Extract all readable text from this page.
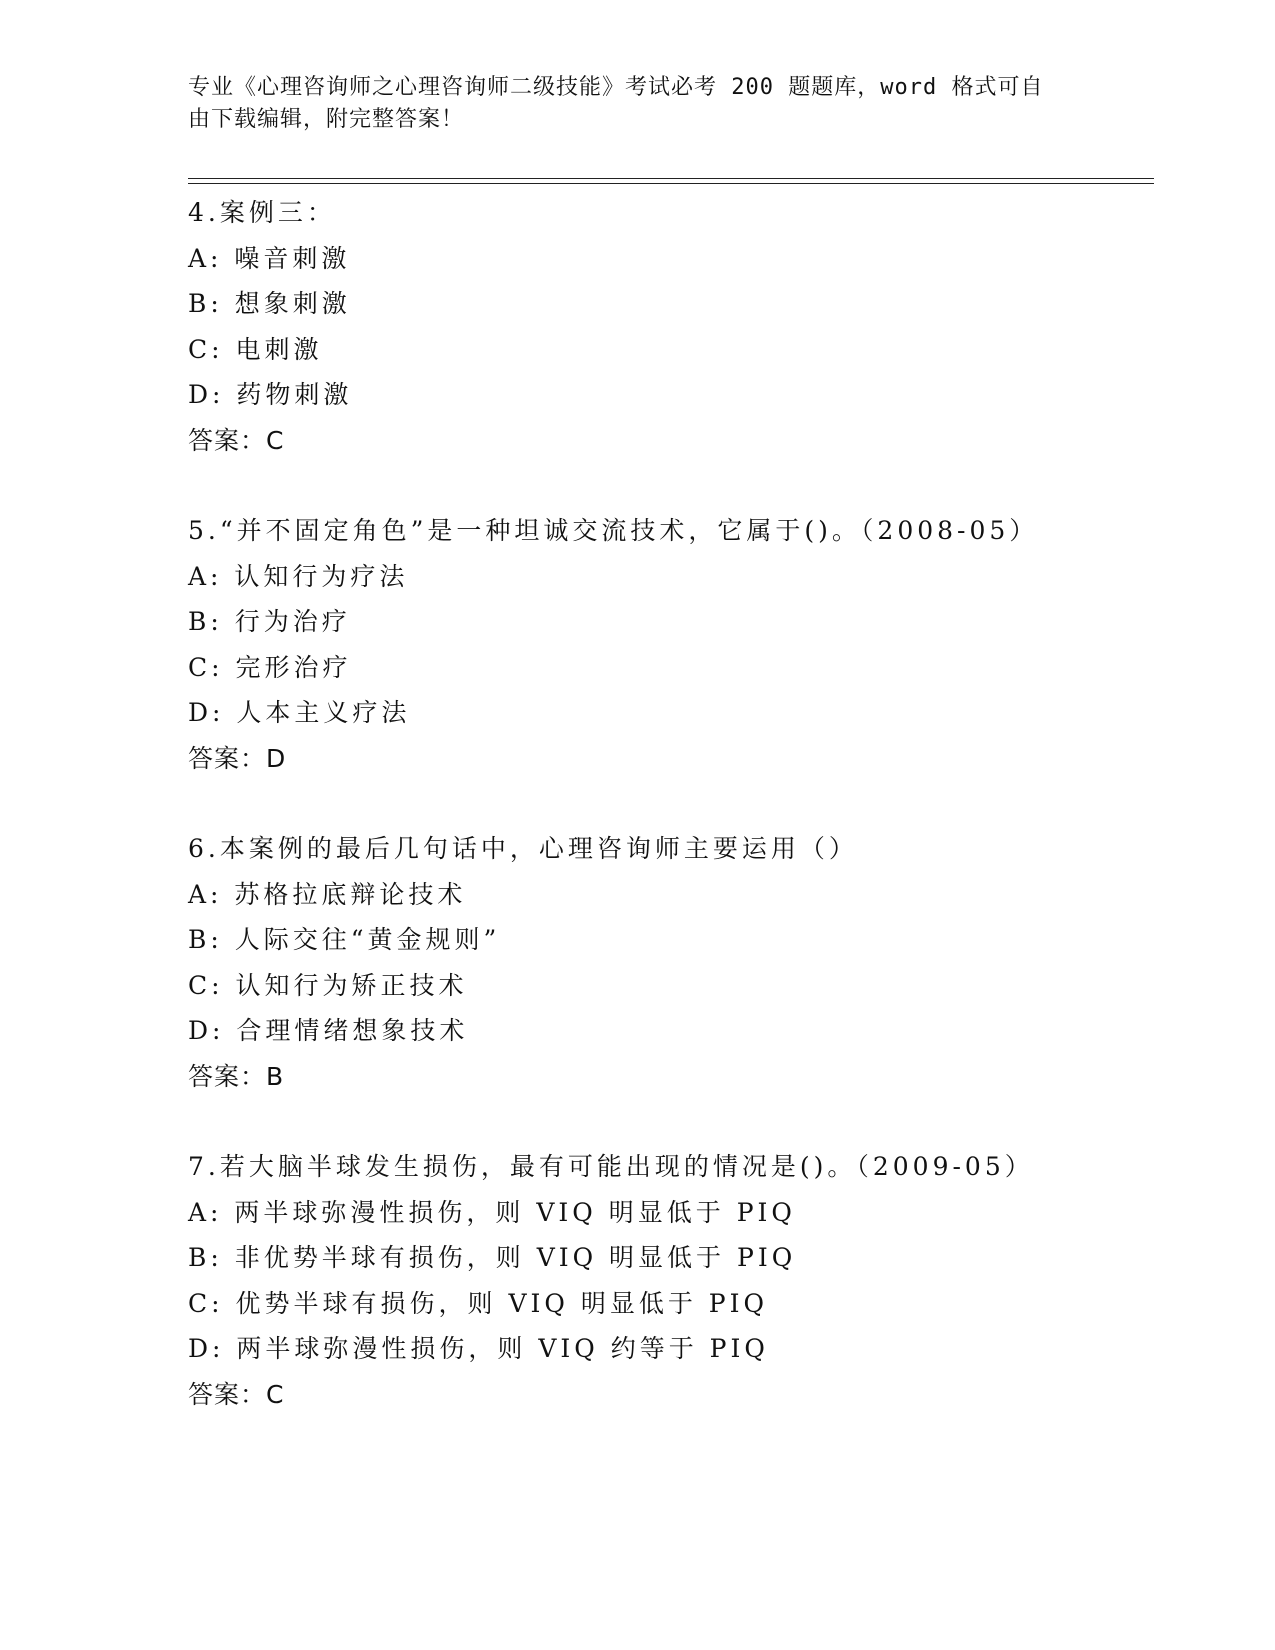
专业《心理咨询师之心理咨询师二级技能》考试必考 200 题题库，word 格式可自
由下载编辑，附完整答案！
4.案例三：
A: 噪音刺激
B: 想象刺激
C: 电刺激
D: 药物刺激
答案：C
5.“并不固定角色”是一种坦诚交流技术，它属于()。（2008-05）
A: 认知行为疗法
B: 行为治疗
C: 完形治疗
D: 人本主义疗法
答案：D
6.本案例的最后几句话中，心理咨询师主要运用（）
A: 苏格拉底辩论技术
B: 人际交往“黄金规则”
C: 认知行为矫正技术
D: 合理情绪想象技术
答案：B
7.若大脑半球发生损伤，最有可能出现的情况是()。（2009-05）
A: 两半球弥漫性损伤，则 VIQ 明显低于 PIQ
B: 非优势半球有损伤，则 VIQ 明显低于 PIQ
C: 优势半球有损伤，则 VIQ 明显低于 PIQ
D: 两半球弥漫性损伤，则 VIQ 约等于 PIQ
答案：C
